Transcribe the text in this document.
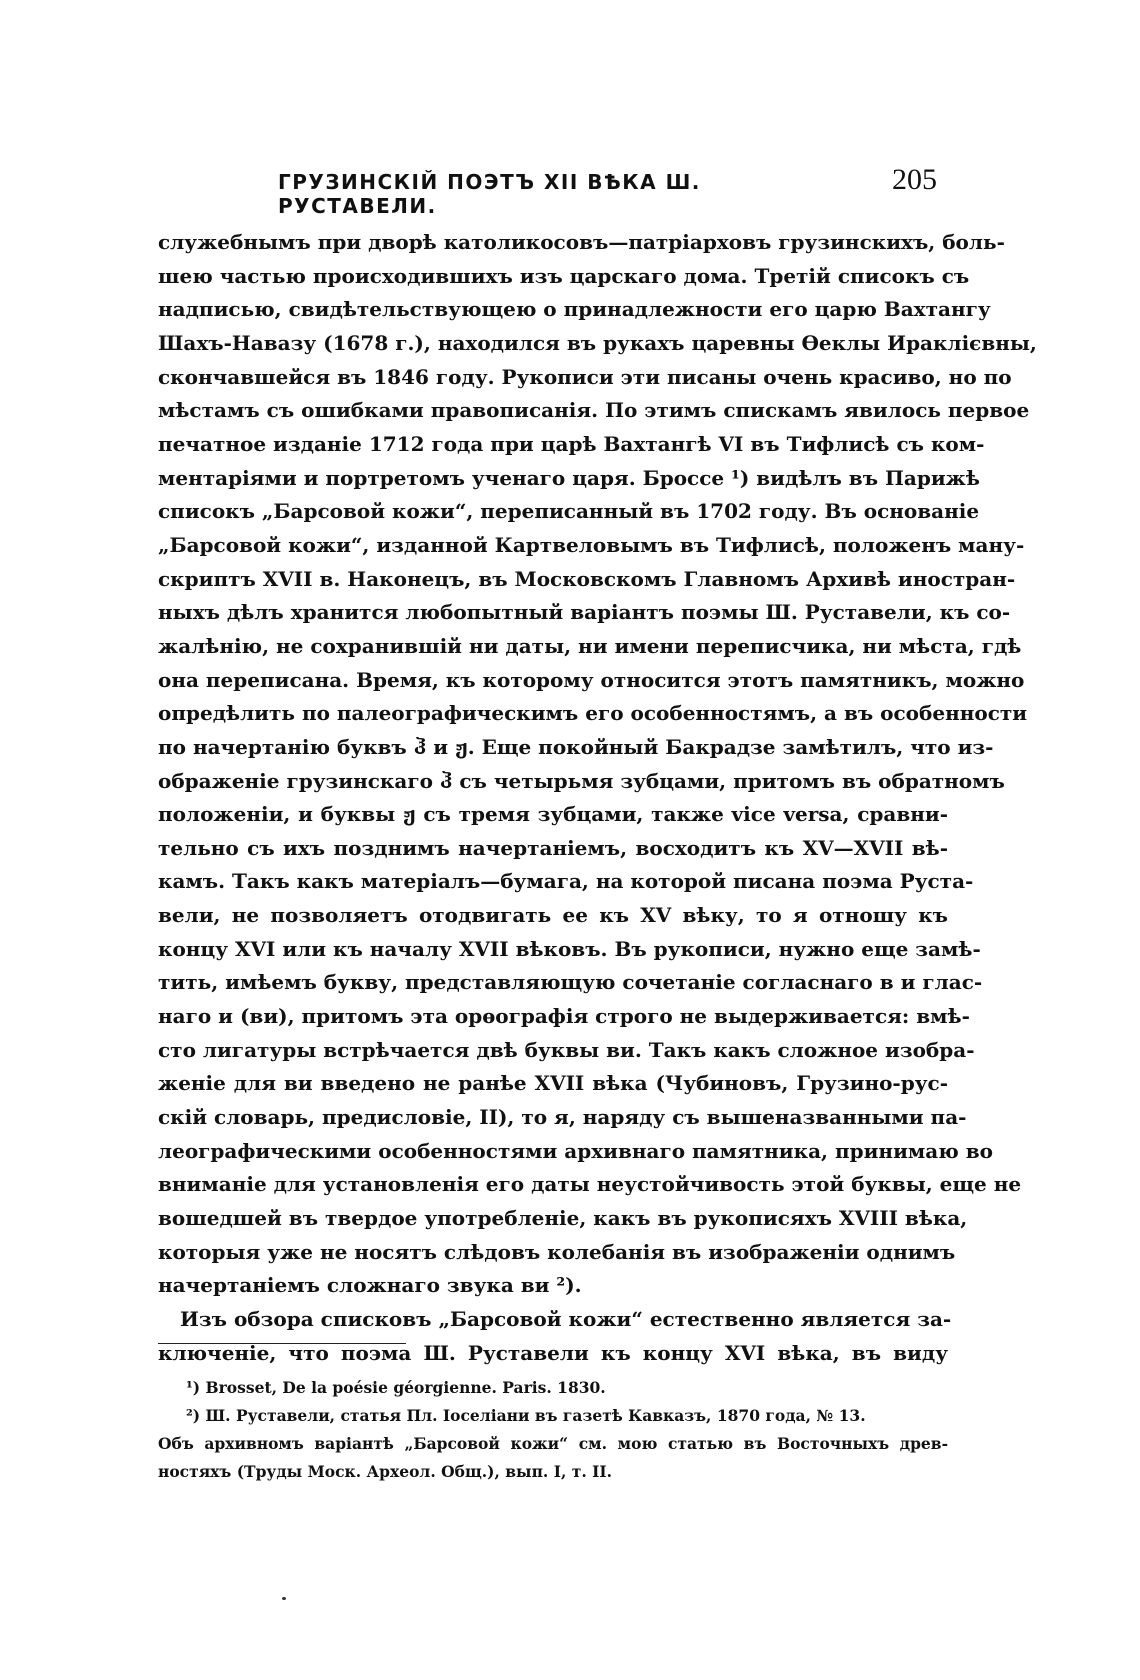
ГРУЗИНСКІЙ ПОЭТЪ XII ВѢКА Ш. РУСТАВЕЛИ.
205
служебнымъ при дворѣ католикосовъ—патріарховъ грузинскихъ, боль-
шею частью происходившихъ изъ царскаго дома. Третій списокъ съ
надписью, свидѣтельствующею о принадлежности его царю Вахтангу
Шахъ-Навазу (1678 г.), находился въ рукахъ царевны Ѳеклы Ираклієвны,
скончавшейся въ 1846 году. Рукописи эти писаны очень красиво, но по
мѣстамъ съ ошибками правописанія. По этимъ спискамъ явилось первое
печатное изданіе 1712 года при царѣ Вахтангѣ VI въ Тифлисѣ съ ком-
ментаріями и портретомъ ученаго царя. Броссе ¹) видѣлъ въ Парижѣ
списокъ „Барсовой кожи“, переписанный въ 1702 году. Въ основаніе
„Барсовой кожи“, изданной Картвеловымъ въ Тифлисѣ, положенъ ману-
скриптъ XVII в. Наконецъ, въ Московскомъ Главномъ Архивѣ иностран-
ныхъ дѣлъ хранится любопытный варіантъ поэмы Ш. Руставели, къ со-
жалѣнію, не сохранившій ни даты, ни имени переписчика, ни мѣста, гдѣ
она переписана. Время, къ которому относится этотъ памятникъ, можно
опредѣлить по палеографическимъ его особенностямъ, а въ особенности
по начертанію буквъ ჰ и ჟ. Еще покойный Бакрадзе замѣтилъ, что из-
ображеніе грузинскаго ჰ съ четырьмя зубцами, притомъ въ обратномъ
положеніи, и буквы ჟ съ тремя зубцами, также vice versa, сравни-
тельно съ ихъ позднимъ начертаніемъ, восходитъ къ XV—XVII вѣ-
камъ. Такъ какъ матеріалъ—бумага, на которой писана поэма Руста-
вели, не позволяетъ отодвигать ее къ XV вѣку, то я отношу къ
концу XVI или къ началу XVII вѣковъ. Въ рукописи, нужно еще замѣ-
тить, имѣемъ букву, представляющую сочетаніе согласнаго в и глас-
наго и (ви), притомъ эта орѳографія строго не выдерживается: вмѣ-
сто лигатуры встрѣчается двѣ буквы ви. Такъ какъ сложное изобра-
женіе для ви введено не ранѣе XVII вѣка (Чубиновъ, Грузино-рус-
скій словарь, предисловіе, II), то я, наряду съ вышеназванными па-
леографическими особенностями архивнаго памятника, принимаю во
вниманіе для установленія его даты неустойчивость этой буквы, еще не
вошедшей въ твердое употребленіе, какъ въ рукописяхъ XVIII вѣка,
которыя уже не носятъ слѣдовъ колебанія въ изображеніи однимъ
начертаніемъ сложнаго звука ви ²).
Изъ обзора списковъ „Барсовой кожи“ естественно является за-
ключеніе, что поэма Ш. Руставели къ концу XVI вѣка, въ виду
¹) Brosset, De la poésie géorgienne. Paris. 1830.
²) Ш. Руставели, статья Пл. Іоселіани въ газетѣ Кавказъ, 1870 года, № 13.
Объ архивномъ варіантѣ „Барсовой кожи“ см. мою статью въ Восточныхъ древ-
ностяхъ (Труды Моск. Археол. Общ.), вып. I, т. II.
